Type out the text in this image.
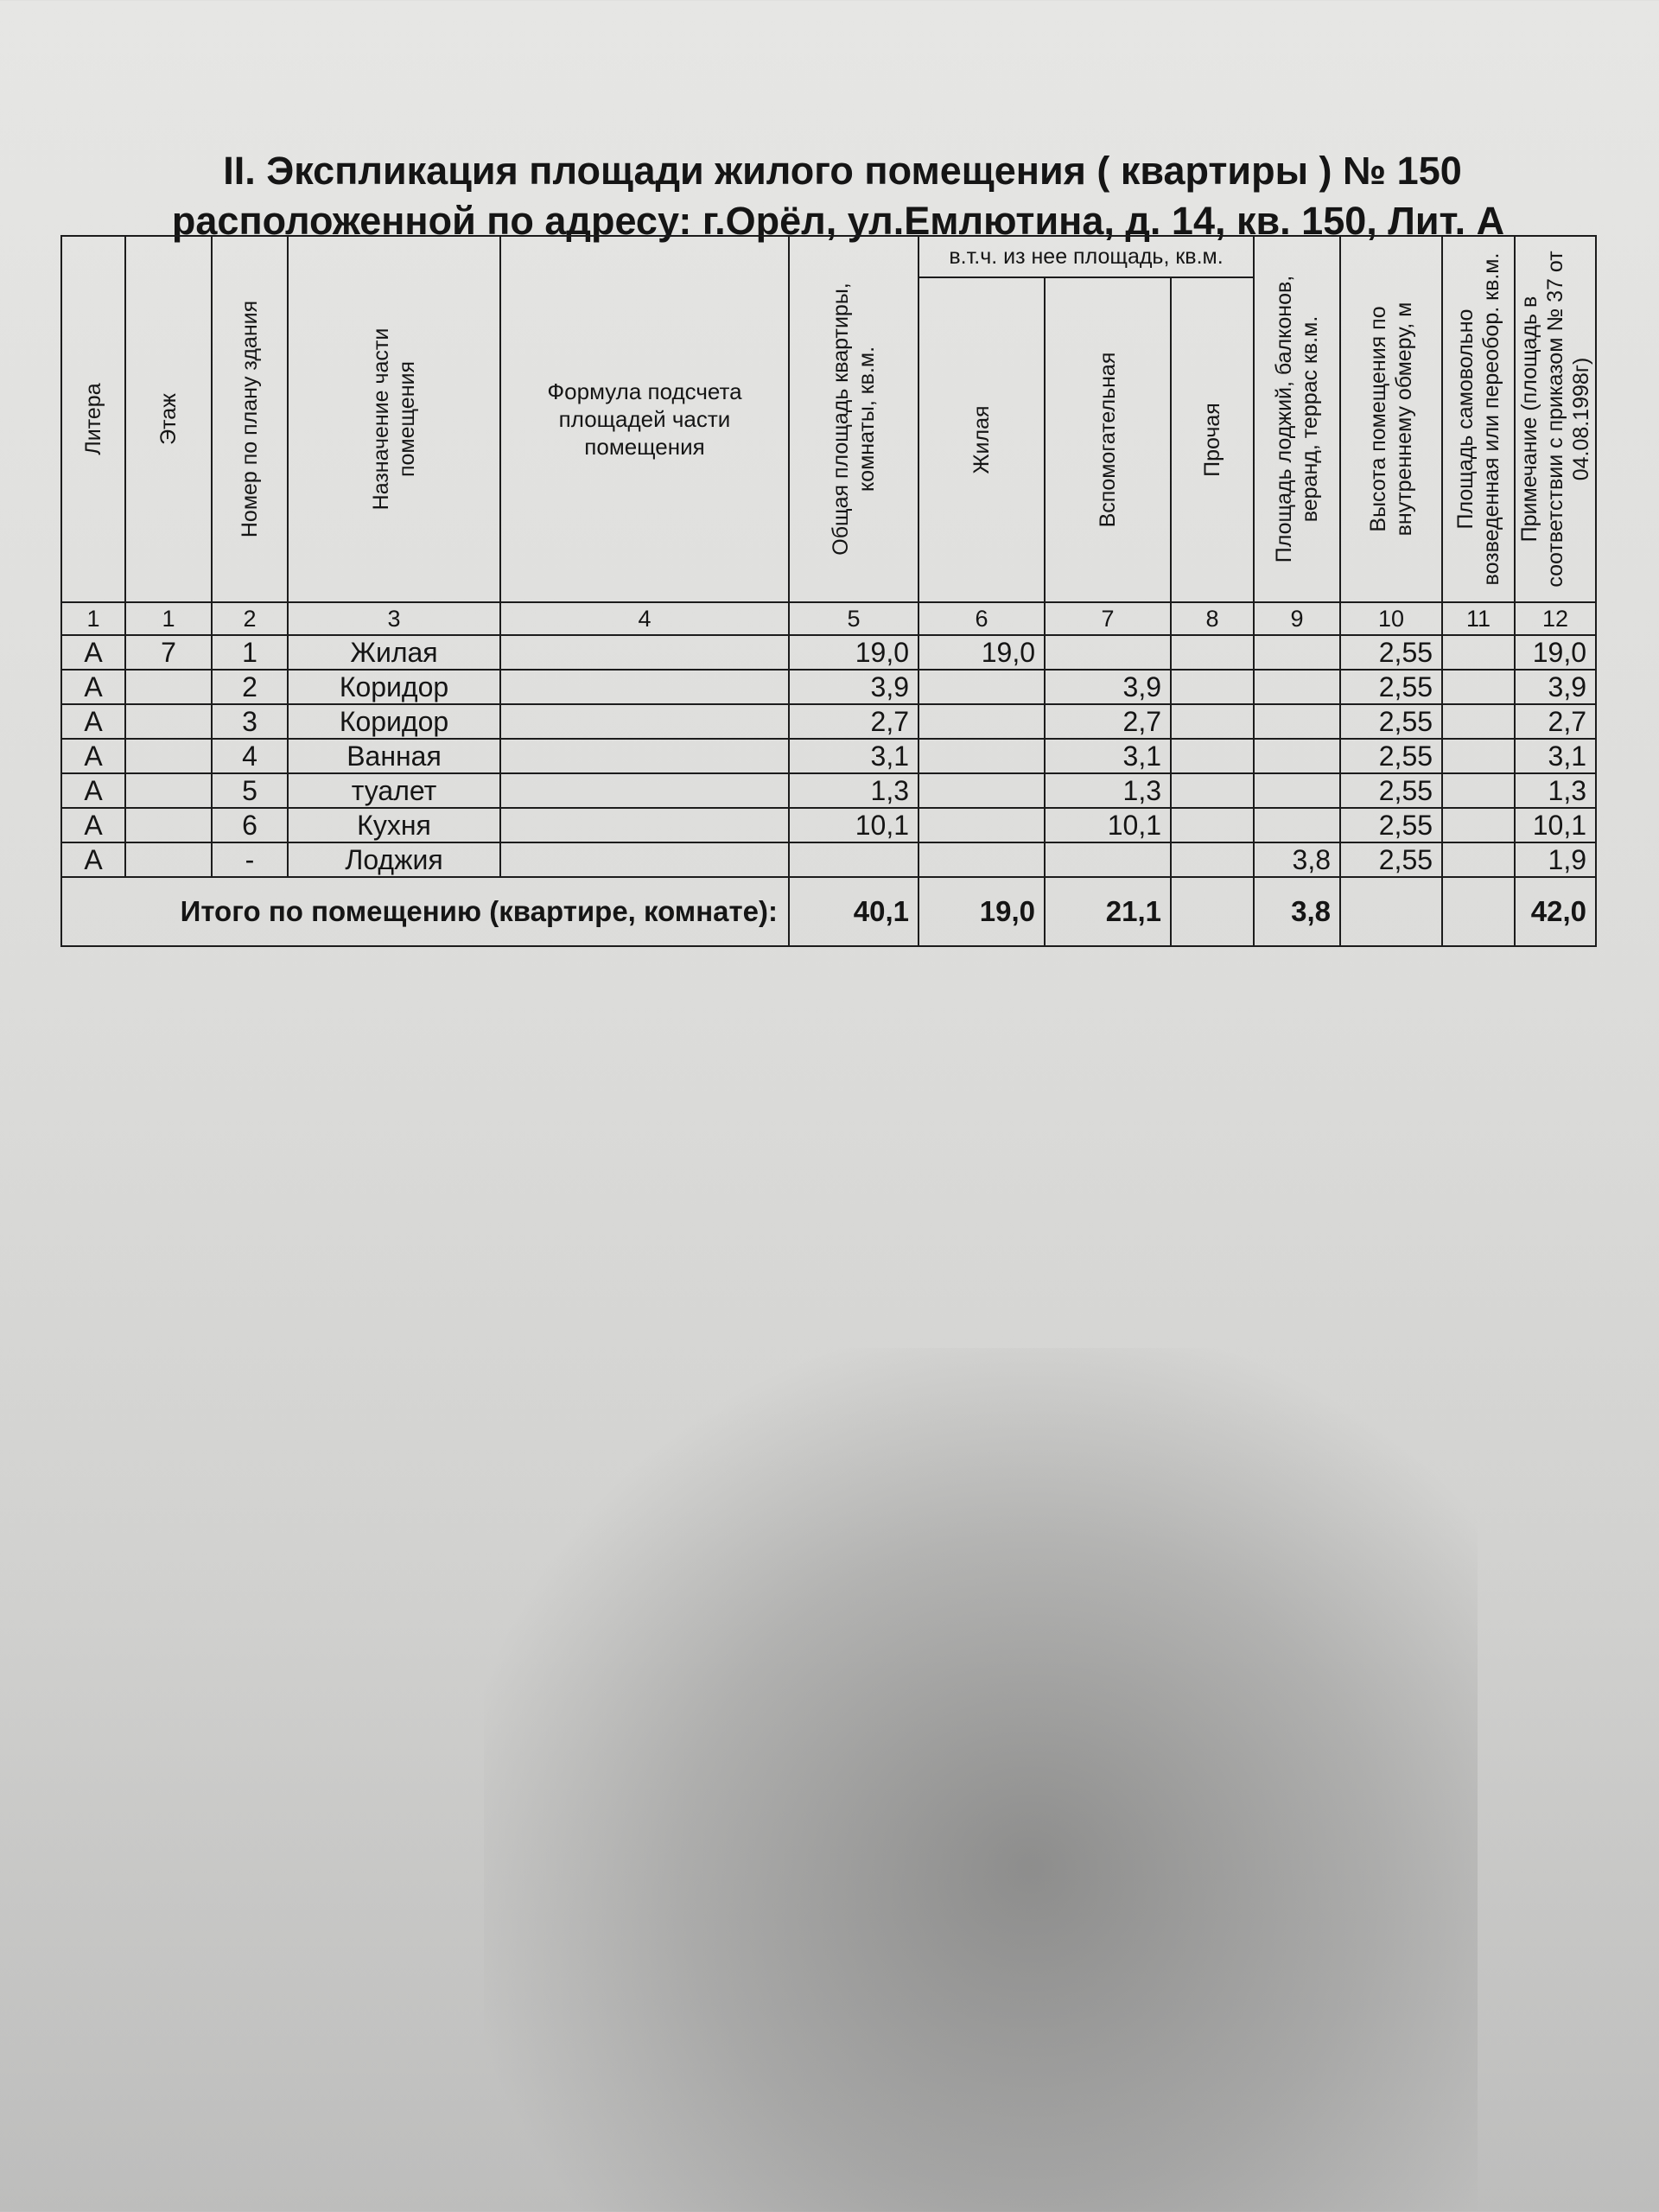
II. Экспликация площади жилого помещения ( квартиры ) № 150
расположенной по адресу: г.Орёл, ул.Емлютина, д. 14, кв. 150, Лит. А
Литера	Этаж	Номер по плану здания	Назначение части помещения	Формула подсчета площадей части помещения	Общая площадь квартиры, комнаты, кв.м.	в.т.ч. из нее площадь, кв.м.			Площадь лоджий, балконов, веранд, террас кв.м.	Высота помещения по внутреннему обмеру, м	Площадь самовольно возведенная или переобор. кв.м.	Примечание (площадь в соответствии с приказом № 37 от 04.08.1998г)

						Жилая	Вспомогательная	Прочая				

1	1	2	3	4	5	6	7	8	9	10	11	12
А	7	1	Жилая		19,0	19,0				2,55		19,0
А		2	Коридор		3,9		3,9			2,55		3,9
А		3	Коридор		2,7		2,7			2,55		2,7
А		4	Ванная		3,1		3,1			2,55		3,1
А		5	туалет		1,3		1,3			2,55		1,3
А		6	Кухня		10,1		10,1			2,55		10,1
А		-	Лоджия						3,8	2,55		1,9
Итого по помещению (квартире, комнате):					40,1	19,0	21,1		3,8			42,0
